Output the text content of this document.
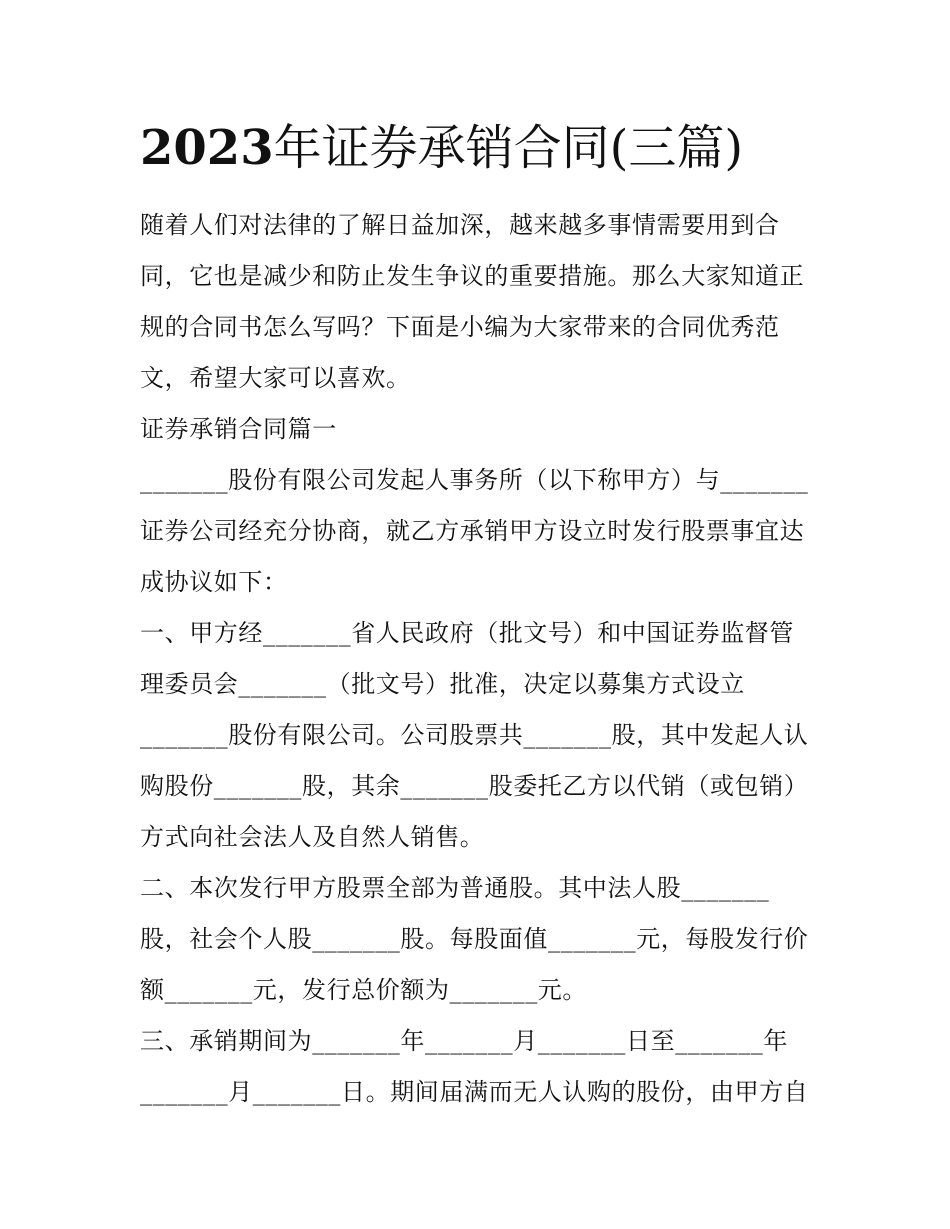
2023年证券承销合同(三篇)
随着人们对法律的了解日益加深，越来越多事情需要用到合
同，它也是减少和防止发生争议的重要措施。那么大家知道正
规的合同书怎么写吗？下面是小编为大家带来的合同优秀范
文，希望大家可以喜欢。
证券承销合同篇一
_______股份有限公司发起人事务所（以下称甲方）与_______
证券公司经充分协商，就乙方承销甲方设立时发行股票事宜达
成协议如下：
一、甲方经_______省人民政府（批文号）和中国证券监督管
理委员会_______（批文号）批准，决定以募集方式设立
_______股份有限公司。公司股票共_______股，其中发起人认
购股份_______股，其余_______股委托乙方以代销（或包销）
方式向社会法人及自然人销售。
二、本次发行甲方股票全部为普通股。其中法人股_______
股，社会个人股_______股。每股面值_______元，每股发行价
额_______元，发行总价额为_______元。
三、承销期间为_______年_______月_______日至_______年
_______月_______日。期间届满而无人认购的股份，由甲方自
